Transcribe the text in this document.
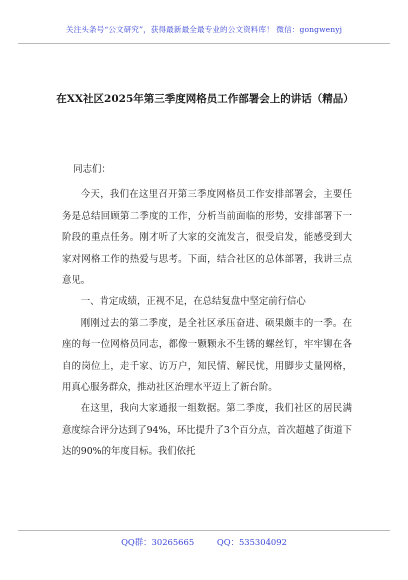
关注头条号“公文研究”，获得最新最全最专业的公文资料库！ 微信：gongwenyj
在XX社区2025年第三季度网格员工作部署会上的讲话（精品）

同志们：

今天，我们在这里召开第三季度网格员工作安排部署会，主要任务是总结回顾第二季度的工作，分析当前面临的形势，安排部署下一阶段的重点任务。刚才听了大家的交流发言，很受启发，能感受到大家对网格工作的热爱与思考。下面，结合社区的总体部署，我讲三点意见。

一、肯定成绩，正视不足，在总结复盘中坚定前行信心

刚刚过去的第二季度，是全社区承压奋进、硕果颇丰的一季。在座的每一位网格员同志，都像一颗颗永不生锈的螺丝钉，牢牢铆在各自的岗位上，走千家、访万户，知民情、解民忧，用脚步丈量网格，用真心服务群众，推动社区治理水平迈上了新台阶。

在这里，我向大家通报一组数据。第二季度，我们社区的居民满意度综合评分达到了94%，环比提升了3个百分点，首次超越了街道下达的90%的年度目标。我们依托

QQ群：30265665	QQ：535304092
